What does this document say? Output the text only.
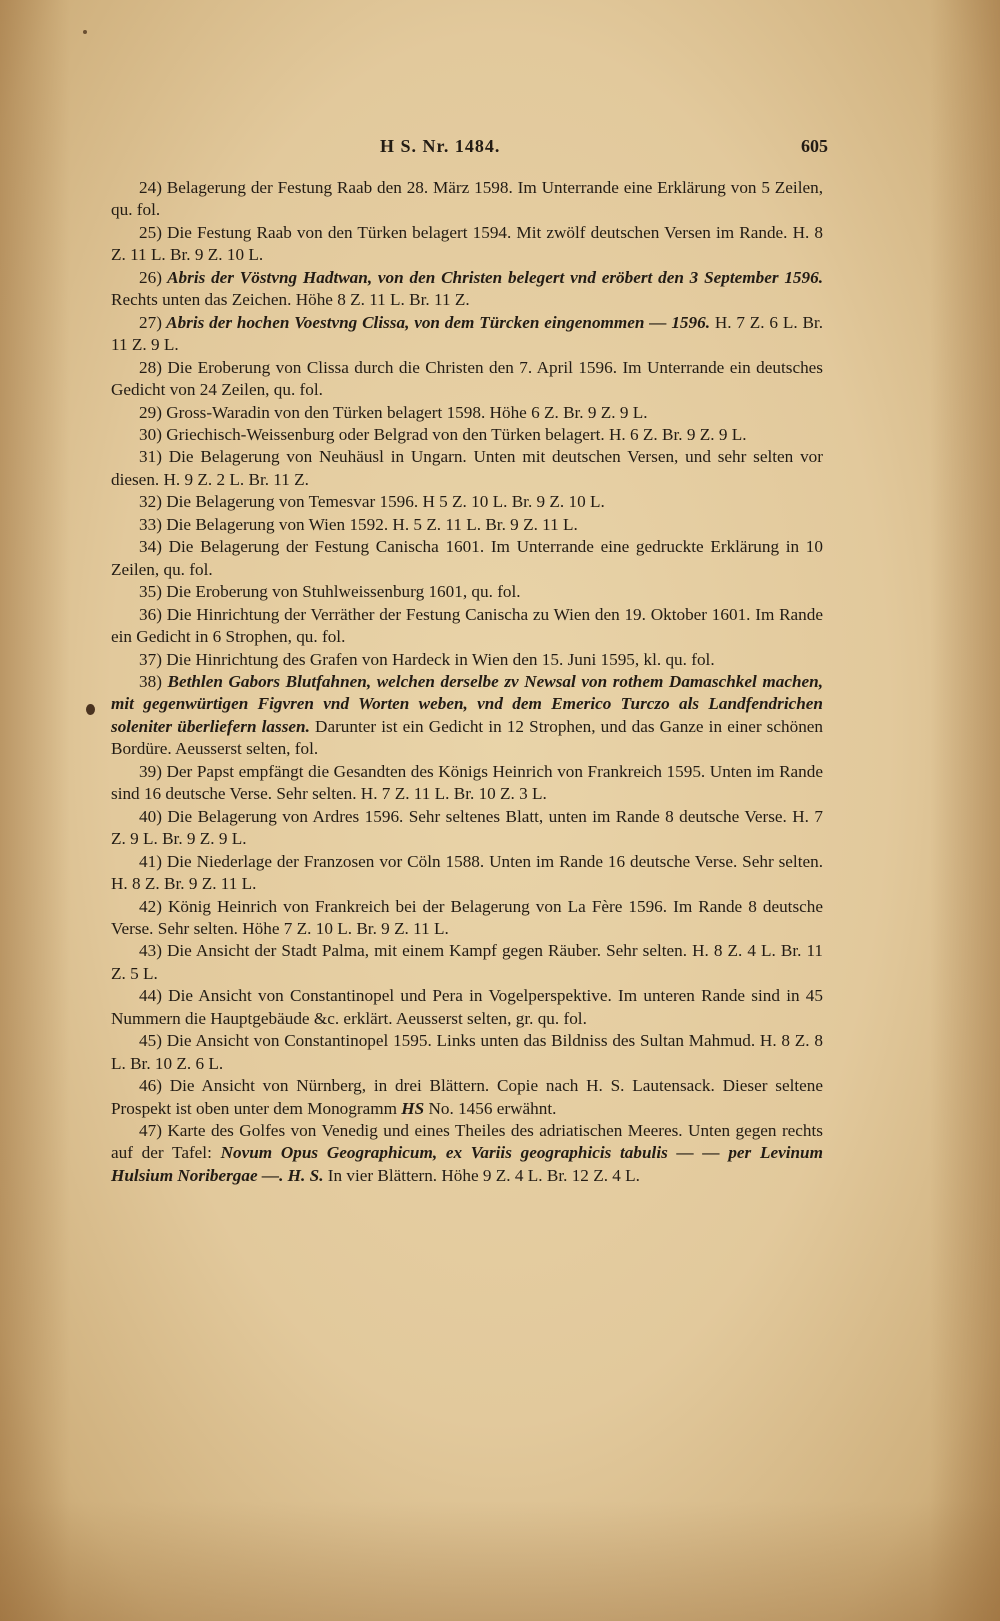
H S. Nr. 1484.	605

24) Belagerung der Festung Raab den 28. März 1598. Im Unterrande eine Erklärung von 5 Zeilen, qu. fol.

25) Die Festung Raab von den Türken belagert 1594. Mit zwölf deutschen Versen im Rande. H. 8 Z. 11 L. Br. 9 Z. 10 L.

26) Abris der Vöstvng Hadtwan, von den Christen belegert vnd eröbert den 3 September 1596. Rechts unten das Zeichen. Höhe 8 Z. 11 L. Br. 11 Z.

27) Abris der hochen Voestvng Clissa, von dem Türcken eingenommen — 1596. H. 7 Z. 6 L. Br. 11 Z. 9 L.

28) Die Eroberung von Clissa durch die Christen den 7. April 1596. Im Unterrande ein deutsches Gedicht von 24 Zeilen, qu. fol.

29) Gross-Waradin von den Türken belagert 1598. Höhe 6 Z. Br. 9 Z. 9 L.

30) Griechisch-Weissenburg oder Belgrad von den Türken belagert. H. 6 Z. Br. 9 Z. 9 L.

31) Die Belagerung von Neuhäusl in Ungarn. Unten mit deutschen Versen, und sehr selten vor diesen. H. 9 Z. 2 L. Br. 11 Z.

32) Die Belagerung von Temesvar 1596. H 5 Z. 10 L. Br. 9 Z. 10 L.

33) Die Belagerung von Wien 1592. H. 5 Z. 11 L. Br. 9 Z. 11 L.

34) Die Belagerung der Festung Canischa 1601. Im Unterrande eine gedruckte Erklärung in 10 Zeilen, qu. fol.

35) Die Eroberung von Stuhlweissenburg 1601, qu. fol.

36) Die Hinrichtung der Verräther der Festung Canischa zu Wien den 19. Oktober 1601. Im Rande ein Gedicht in 6 Strophen, qu. fol.

37) Die Hinrichtung des Grafen von Hardeck in Wien den 15. Juni 1595, kl. qu. fol.

38) Bethlen Gabors Blutfahnen, welchen derselbe zv Newsal von rothem Damaschkel machen, mit gegenwürtigen Figvren vnd Worten weben, vnd dem Emerico Turczo als Landfendrichen soleniter überliefern lassen. Darunter ist ein Gedicht in 12 Strophen, und das Ganze in einer schönen Bordüre. Aeusserst selten, fol.

39) Der Papst empfängt die Gesandten des Königs Heinrich von Frankreich 1595. Unten im Rande sind 16 deutsche Verse. Sehr selten. H. 7 Z. 11 L. Br. 10 Z. 3 L.

40) Die Belagerung von Ardres 1596. Sehr seltenes Blatt, unten im Rande 8 deutsche Verse. H. 7 Z. 9 L. Br. 9 Z. 9 L.

41) Die Niederlage der Franzosen vor Cöln 1588. Unten im Rande 16 deutsche Verse. Sehr selten. H. 8 Z. Br. 9 Z. 11 L.

42) König Heinrich von Frankreich bei der Belagerung von La Fère 1596. Im Rande 8 deutsche Verse. Sehr selten. Höhe 7 Z. 10 L. Br. 9 Z. 11 L.

43) Die Ansicht der Stadt Palma, mit einem Kampf gegen Räuber. Sehr selten. H. 8 Z. 4 L. Br. 11 Z. 5 L.

44) Die Ansicht von Constantinopel und Pera in Vogelperspektive. Im unteren Rande sind in 45 Nummern die Hauptgebäude &c. erklärt. Aeusserst selten, gr. qu. fol.

45) Die Ansicht von Constantinopel 1595. Links unten das Bildniss des Sultan Mahmud. H. 8 Z. 8 L. Br. 10 Z. 6 L.

46) Die Ansicht von Nürnberg, in drei Blättern. Copie nach H. S. Lautensack. Dieser seltene Prospekt ist oben unter dem Monogramm HS No. 1456 erwähnt.

47) Karte des Golfes von Venedig und eines Theiles des adriatischen Meeres. Unten gegen rechts auf der Tafel: Novum Opus Geographicum, ex Variis geographicis tabulis — — per Levinum Hulsium Noribergae —. H. S. In vier Blättern. Höhe 9 Z. 4 L. Br. 12 Z. 4 L.
